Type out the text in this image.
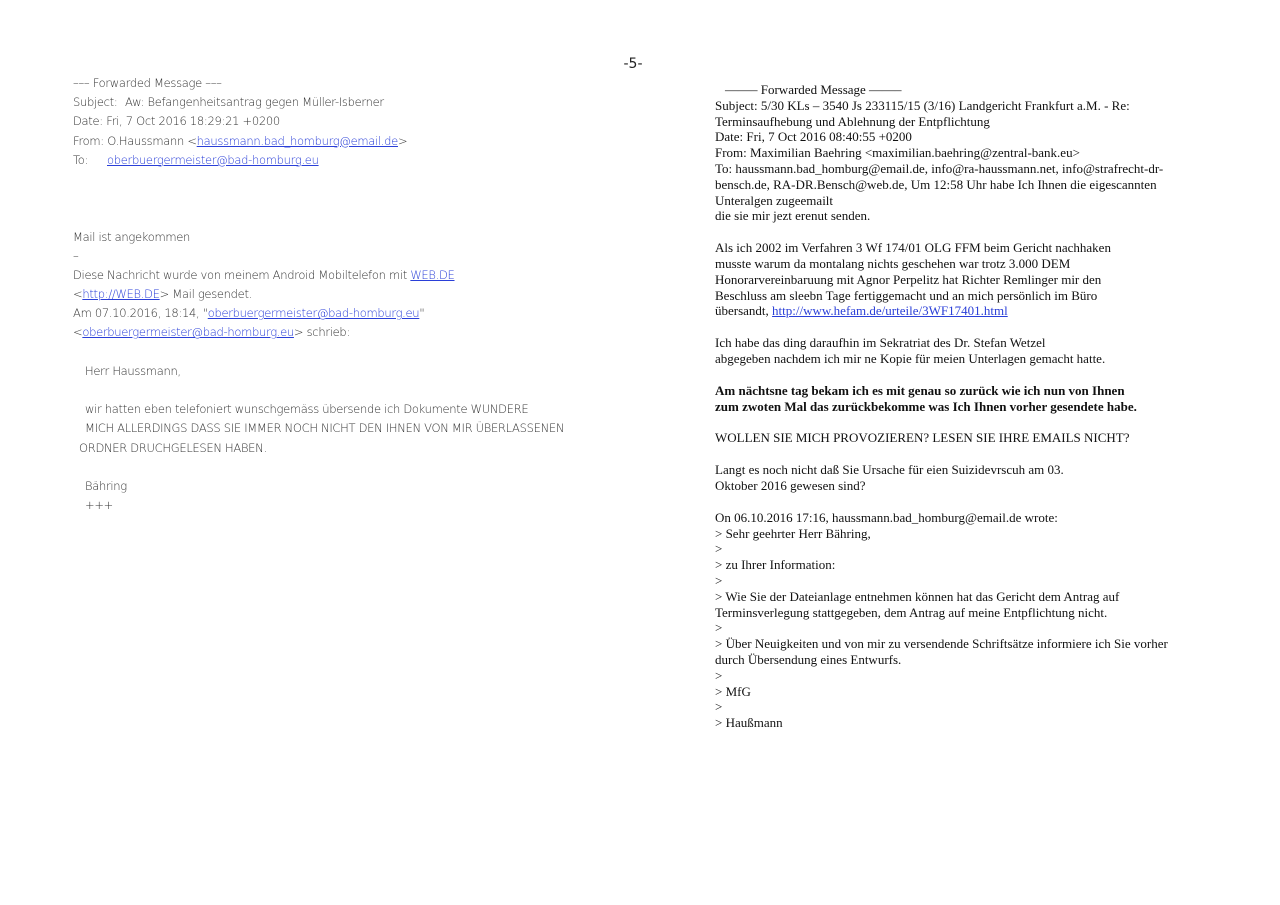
-5-
––– Forwarded Message –––
Subject: Aw: Befangenheitsantrag gegen Müller-Isberner
Date: Fri, 7 Oct 2016 18:29:21 +0200
From: O.Haussmann <haussmann.bad_homburg@email.de>
To: oberbuergermeister@bad-homburg.eu
Mail ist angekommen
–
Diese Nachricht wurde von meinem Android Mobiltelefon mit WEB.DE
<http://WEB.DE> Mail gesendet.
Am 07.10.2016, 18:14, "oberbuergermeister@bad-homburg.eu"
<oberbuergermeister@bad-homburg.eu> schrieb:
Herr Haussmann,
wir hatten eben telefoniert wunschgemäss übersende ich Dokumente WUNDERE
MICH ALLERDINGS DASS SIE IMMER NOCH NICHT DEN IHNEN VON MIR ÜBERLASSENEN
ORDNER DRUCHGELESEN HABEN.
Bähring
+++
——– Forwarded Message ——–
Subject: 5/30 KLs – 3540 Js 233115/15 (3/16) Landgericht Frankfurt a.M. - Re:
Terminsaufhebung und Ablehnung der Entpflichtung
Date: Fri, 7 Oct 2016 08:40:55 +0200
From: Maximilian Baehring <maximilian.baehring@zentral-bank.eu>
To: haussmann.bad_homburg@email.de, info@ra-haussmann.net, info@strafrecht-dr-
bensch.de, RA-DR.Bensch@web.de, Um 12:58 Uhr habe Ich Ihnen die eigescannten
Unteralgen zugeemailt
die sie mir jezt erenut senden.
Als ich 2002 im Verfahren 3 Wf 174/01 OLG FFM beim Gericht nachhaken
musste warum da montalang nichts geschehen war trotz 3.000 DEM
Honorarvereinbaruung mit Agnor Perpelitz hat Richter Remlinger mir den
Beschluss am sleebn Tage fertiggemacht und an mich persönlich im Büro
übersandt, http://www.hefam.de/urteile/3WF17401.html
Ich habe das ding daraufhin im Sekratriat des Dr. Stefan Wetzel
abgegeben nachdem ich mir ne Kopie für meien Unterlagen gemacht hatte.
Am nächtsne tag bekam ich es mit genau so zurück wie ich nun von Ihnen
zum zwoten Mal das zurückbekomme was Ich Ihnen vorher gesendete habe.
WOLLEN SIE MICH PROVOZIEREN? LESEN SIE IHRE EMAILS NICHT?
Langt es noch nicht daß Sie Ursache für eien Suizidevrscuh am 03.
Oktober 2016 gewesen sind?
On 06.10.2016 17:16, haussmann.bad_homburg@email.de wrote:
> Sehr geehrter Herr Bähring,
>
> zu Ihrer Information:
>
> Wie Sie der Dateianlage entnehmen können hat das Gericht dem Antrag auf
Terminsverlegung stattgegeben, dem Antrag auf meine Entpflichtung nicht.
>
> Über Neuigkeiten und von mir zu versendende Schriftsätze informiere ich Sie vorher
durch Übersendung eines Entwurfs.
>
> MfG
>
> Haußmann
